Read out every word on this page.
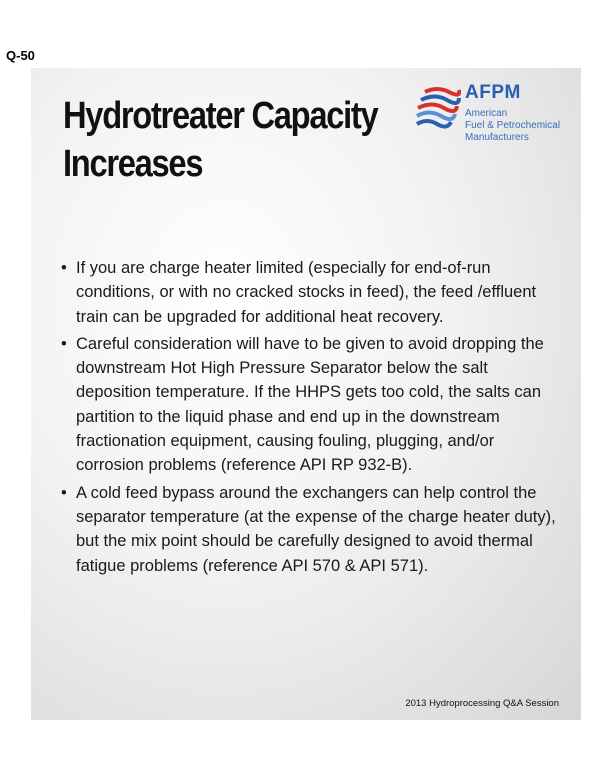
Q-50
Hydrotreater Capacity
Increases
AFPM
American
Fuel & Petrochemical
Manufacturers
• If you are charge heater limited (especially for end-of-run conditions, or with no cracked stocks in feed), the feed /effluent train can be upgraded for additional heat recovery.
• Careful consideration will have to be given to avoid dropping the downstream Hot High Pressure Separator below the salt deposition temperature. If the HHPS gets too cold, the salts can partition to the liquid phase and end up in the downstream fractionation equipment, causing fouling, plugging, and/or corrosion problems (reference API RP 932-B).
• A cold feed bypass around the exchangers can help control the separator temperature (at the expense of the charge heater duty), but the mix point should be carefully designed to avoid thermal fatigue problems (reference API 570 & API 571).
2013 Hydroprocessing Q&A Session
